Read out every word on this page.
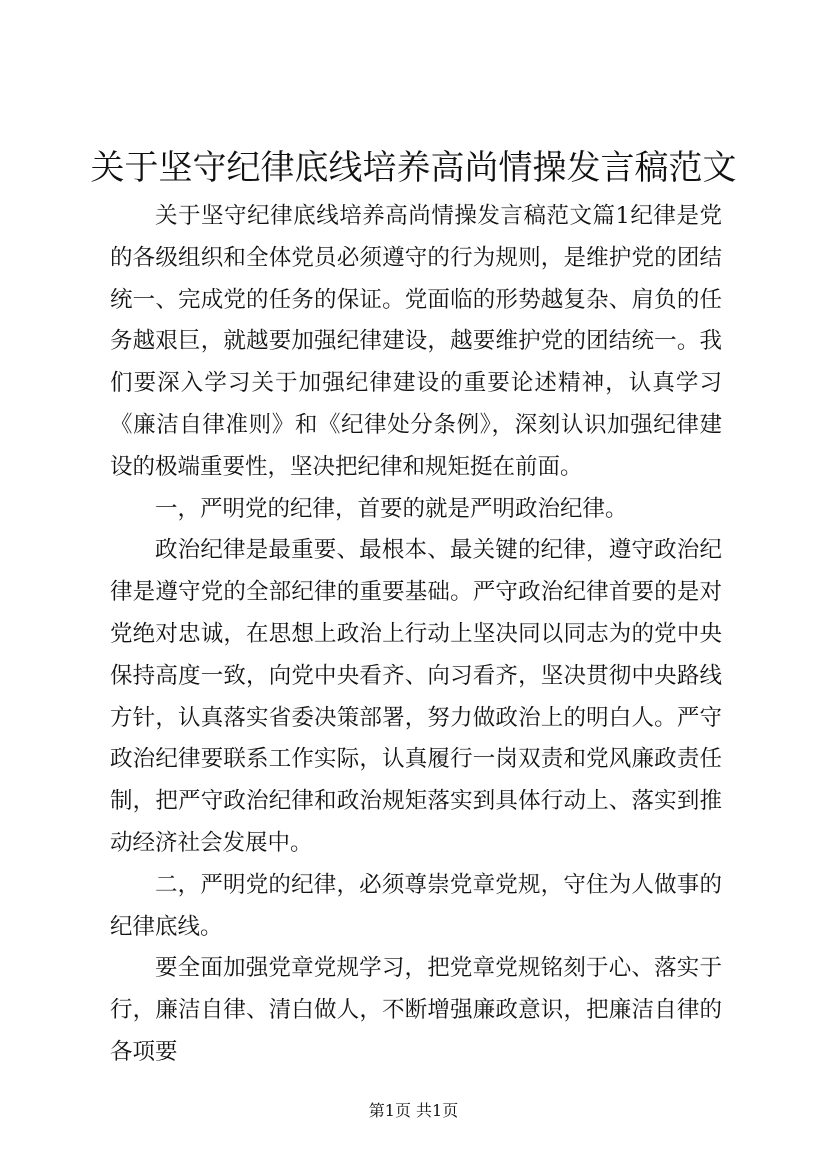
关于坚守纪律底线培养高尚情操发言稿范文

关于坚守纪律底线培养高尚情操发言稿范文篇1纪律是党的各级组织和全体党员必须遵守的行为规则，是维护党的团结统一、完成党的任务的保证。党面临的形势越复杂、肩负的任务越艰巨，就越要加强纪律建设，越要维护党的团结统一。我们要深入学习关于加强纪律建设的重要论述精神，认真学习《廉洁自律准则》和《纪律处分条例》，深刻认识加强纪律建设的极端重要性，坚决把纪律和规矩挺在前面。

一，严明党的纪律，首要的就是严明政治纪律。

政治纪律是最重要、最根本、最关键的纪律，遵守政治纪律是遵守党的全部纪律的重要基础。严守政治纪律首要的是对党绝对忠诚，在思想上政治上行动上坚决同以同志为的党中央保持高度一致，向党中央看齐、向习看齐，坚决贯彻中央路线方针，认真落实省委决策部署，努力做政治上的明白人。严守政治纪律要联系工作实际，认真履行一岗双责和党风廉政责任制，把严守政治纪律和政治规矩落实到具体行动上、落实到推动经济社会发展中。

二，严明党的纪律，必须尊崇党章党规，守住为人做事的纪律底线。

要全面加强党章党规学习，把党章党规铭刻于心、落实于行，廉洁自律、清白做人，不断增强廉政意识，把廉洁自律的各项要

第1页 共1页
